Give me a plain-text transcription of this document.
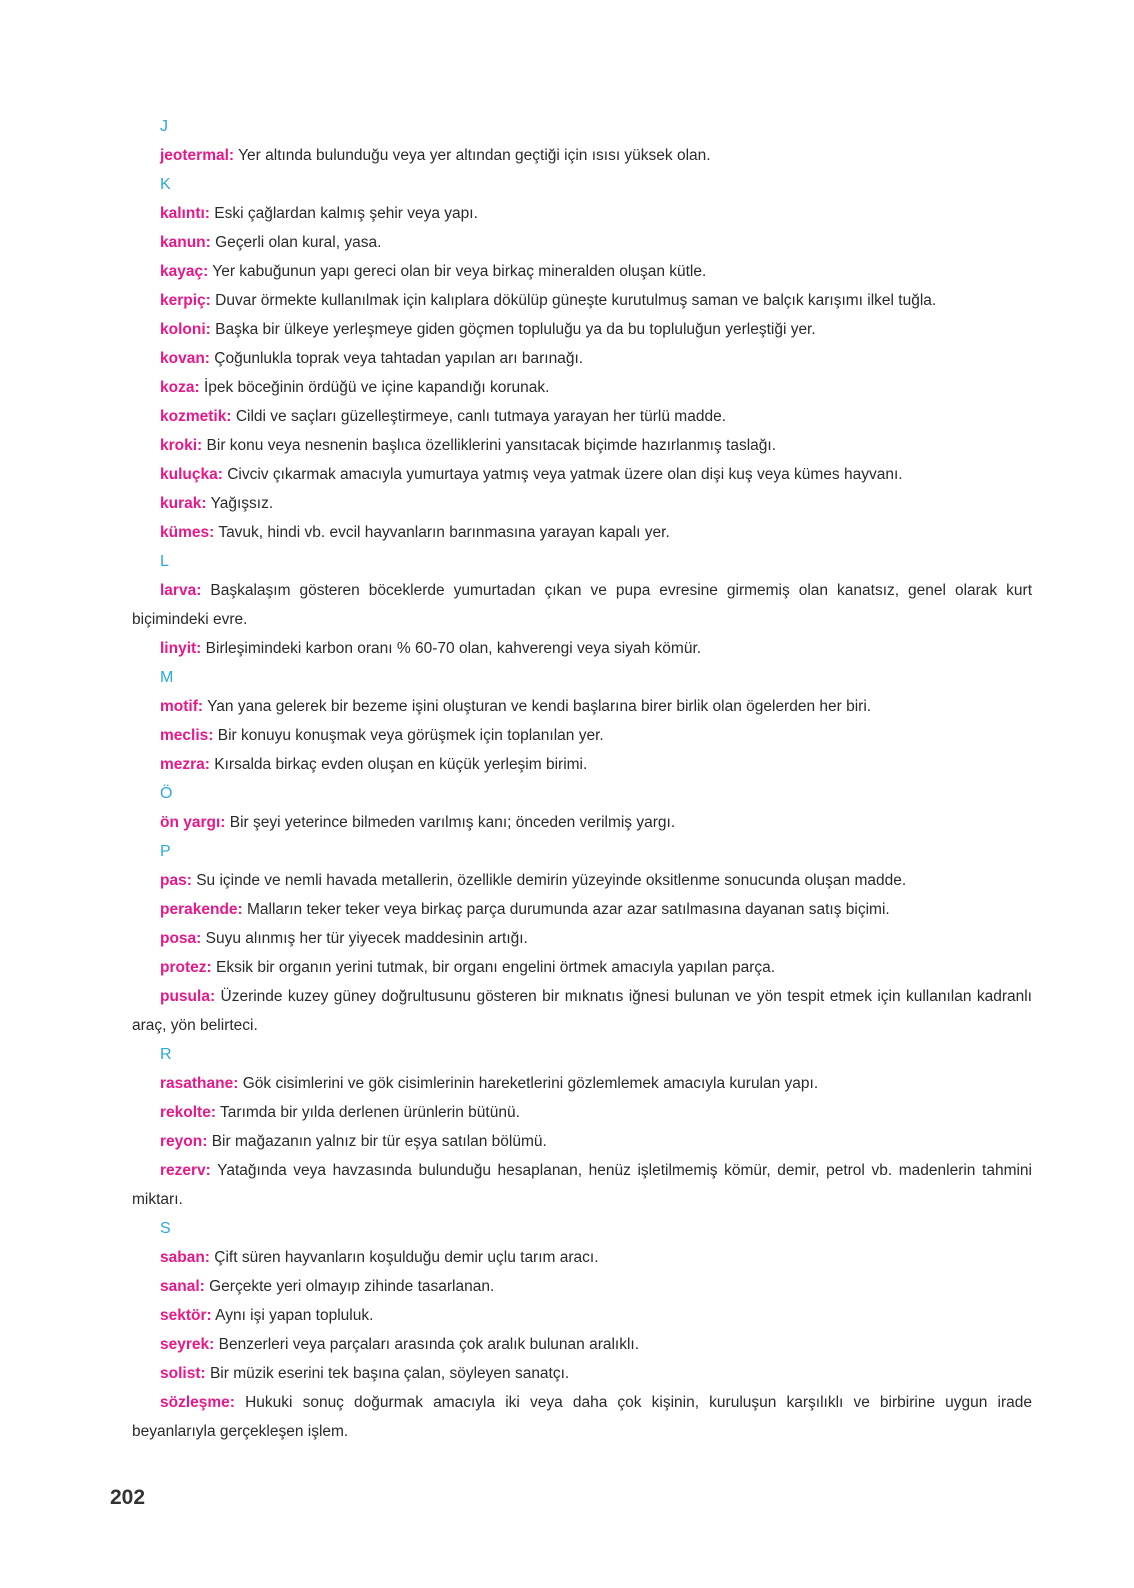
J

jeotermal: Yer altında bulunduğu veya yer altından geçtiği için ısısı yüksek olan.

K

kalıntı: Eski çağlardan kalmış şehir veya yapı.

kanun: Geçerli olan kural, yasa.

kayaç: Yer kabuğunun yapı gereci olan bir veya birkaç mineralden oluşan kütle.

kerpiç: Duvar örmekte kullanılmak için kalıplara dökülüp güneşte kurutulmuş saman ve balçık karışımı ilkel tuğla.

koloni: Başka bir ülkeye yerleşmeye giden göçmen topluluğu ya da bu topluluğun yerleştiği yer.

kovan: Çoğunlukla toprak veya tahtadan yapılan arı barınağı.

koza: İpek böceğinin ördüğü ve içine kapandığı korunak.

kozmetik: Cildi ve saçları güzelleştirmeye, canlı tutmaya yarayan her türlü madde.

kroki: Bir konu veya nesnenin başlıca özelliklerini yansıtacak biçimde hazırlanmış taslağı.

kuluçka: Civciv çıkarmak amacıyla yumurtaya yatmış veya yatmak üzere olan dişi kuş veya kümes hayvanı.

kurak: Yağışsız.

kümes: Tavuk, hindi vb. evcil hayvanların barınmasına yarayan kapalı yer.

L

larva: Başkalaşım gösteren böceklerde yumurtadan çıkan ve pupa evresine girmemiş olan kanatsız, genel olarak kurt biçimindeki evre.

linyit: Birleşimindeki karbon oranı % 60-70 olan, kahverengi veya siyah kömür.

M

motif: Yan yana gelerek bir bezeme işini oluşturan ve kendi başlarına birer birlik olan ögelerden her biri.

meclis: Bir konuyu konuşmak veya görüşmek için toplanılan yer.

mezra: Kırsalda birkaç evden oluşan en küçük yerleşim birimi.

Ö

ön yargı: Bir şeyi yeterince bilmeden varılmış kanı; önceden verilmiş yargı.

P

pas: Su içinde ve nemli havada metallerin, özellikle demirin yüzeyinde oksitlenme sonucunda oluşan madde.

perakende: Malların teker teker veya birkaç parça durumunda azar azar satılmasına dayanan satış biçimi.

posa: Suyu alınmış her tür yiyecek maddesinin artığı.

protez: Eksik bir organın yerini tutmak, bir organı engelini örtmek amacıyla yapılan parça.

pusula: Üzerinde kuzey güney doğrultusunu gösteren bir mıknatıs iğnesi bulunan ve yön tespit etmek için kullanılan kadranlı araç, yön belirteci.

R

rasathane: Gök cisimlerini ve gök cisimlerinin hareketlerini gözlemlemek amacıyla kurulan yapı.

rekolte: Tarımda bir yılda derlenen ürünlerin bütünü.

reyon: Bir mağazanın yalnız bir tür eşya satılan bölümü.

rezerv: Yatağında veya havzasında bulunduğu hesaplanan, henüz işletilmemiş kömür, demir, petrol vb. madenlerin tahmini miktarı.

S

saban: Çift süren hayvanların koşulduğu demir uçlu tarım aracı.

sanal: Gerçekte yeri olmayıp zihinde tasarlanan.

sektör: Aynı işi yapan topluluk.

seyrek: Benzerleri veya parçaları arasında çok aralık bulunan aralıklı.

solist: Bir müzik eserini tek başına çalan, söyleyen sanatçı.

sözleşme: Hukuki sonuç doğurmak amacıyla iki veya daha çok kişinin, kuruluşun karşılıklı ve birbirine uygun irade beyanlarıyla gerçekleşen işlem.

202
